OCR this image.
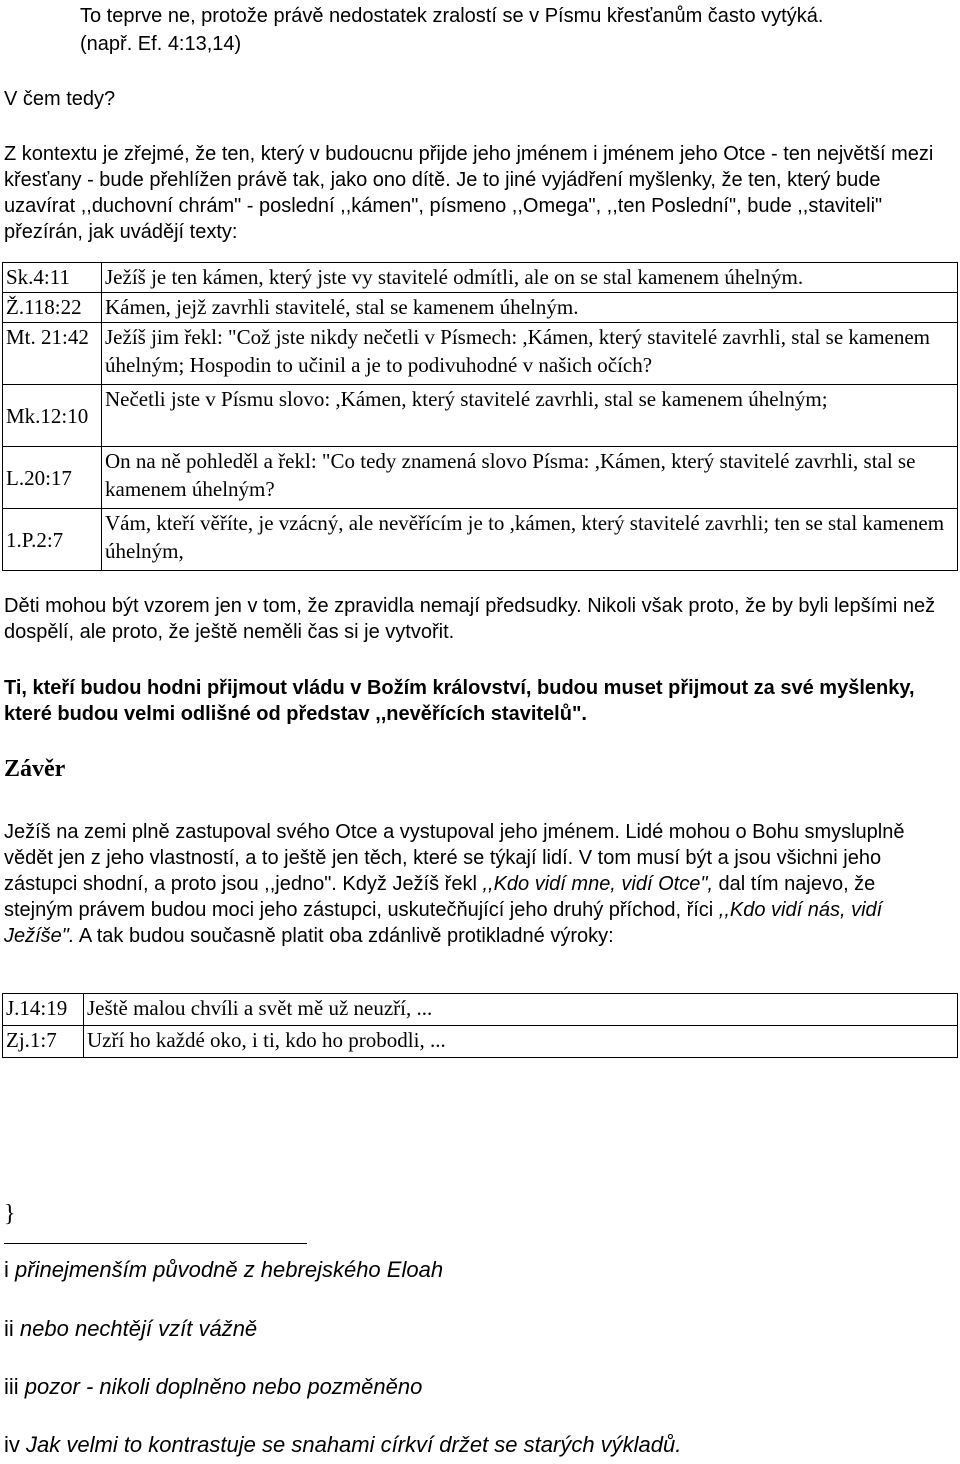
To teprve ne, protože právě nedostatek zralostí se v Písmu křesťanům často vytýká.
(např. Ef. 4:13,14)
V čem tedy?
Z kontextu je zřejmé, že ten, který v budoucnu přijde jeho jménem i jménem jeho Otce - ten největší mezi křesťany - bude přehlížen právě tak, jako ono dítě. Je to jiné vyjádření myšlenky, že ten, který bude uzavírat ,,duchovní chrám" - poslední ,,kámen", písmeno ,,Omega", ,,ten Poslední", bude ,,staviteli" přezírán, jak uvádějí texty:
Sk.4:11	Ježíš je ten kámen, který jste vy stavitelé odmítli, ale on se stal kamenem úhelným.
Ž.118:22	Kámen, jejž zavrhli stavitelé, stal se kamenem úhelným.
Mt. 21:42	Ježíš jim řekl: "Což jste nikdy nečetli v Písmech: ,Kámen, který stavitelé zavrhli, stal se kamenem úhelným; Hospodin to učinil a je to podivuhodné v našich očích?
Mk.12:10	Nečetli jste v Písmu slovo: ,Kámen, který stavitelé zavrhli, stal se kamenem úhelným;
L.20:17	On na ně pohleděl a řekl: "Co tedy znamená slovo Písma: ,Kámen, který stavitelé zavrhli, stal se kamenem úhelným?
1.P.2:7	Vám, kteří věříte, je vzácný, ale nevěřícím je to ,kámen, který stavitelé zavrhli; ten se stal kamenem úhelným,
Děti mohou být vzorem jen v tom, že zpravidla nemají předsudky. Nikoli však proto, že by byli lepšími než dospělí, ale proto, že ještě neměli čas si je vytvořit.
Ti, kteří budou hodni přijmout vládu v Božím království, budou muset přijmout za své myšlenky, které budou velmi odlišné od představ ,,nevěřících stavitelů".
Závěr
Ježíš na zemi plně zastupoval svého Otce a vystupoval jeho jménem. Lidé mohou o Bohu smysluplně vědět jen z jeho vlastností, a to ještě jen těch, které se týkají lidí. V tom musí být a jsou všichni jeho zástupci shodní, a proto jsou ,,jedno". Když Ježíš řekl ,,Kdo vidí mne, vidí Otce", dal tím najevo, že stejným právem budou moci jeho zástupci, uskutečňující jeho druhý příchod, říci ,,Kdo vidí nás, vidí Ježíše". A tak budou současně platit oba zdánlivě protikladné výroky:
J.14:19	Ještě malou chvíli a svět mě už neuzří, ...
Zj.1:7	Uzří ho každé oko, i ti, kdo ho probodli, ...
}
i přinejmenším původně z hebrejského Eloah
ii nebo nechtějí vzít vážně
iii pozor - nikoli doplněno nebo pozměněno
iv Jak velmi to kontrastuje se snahami církví držet se starých výkladů.
